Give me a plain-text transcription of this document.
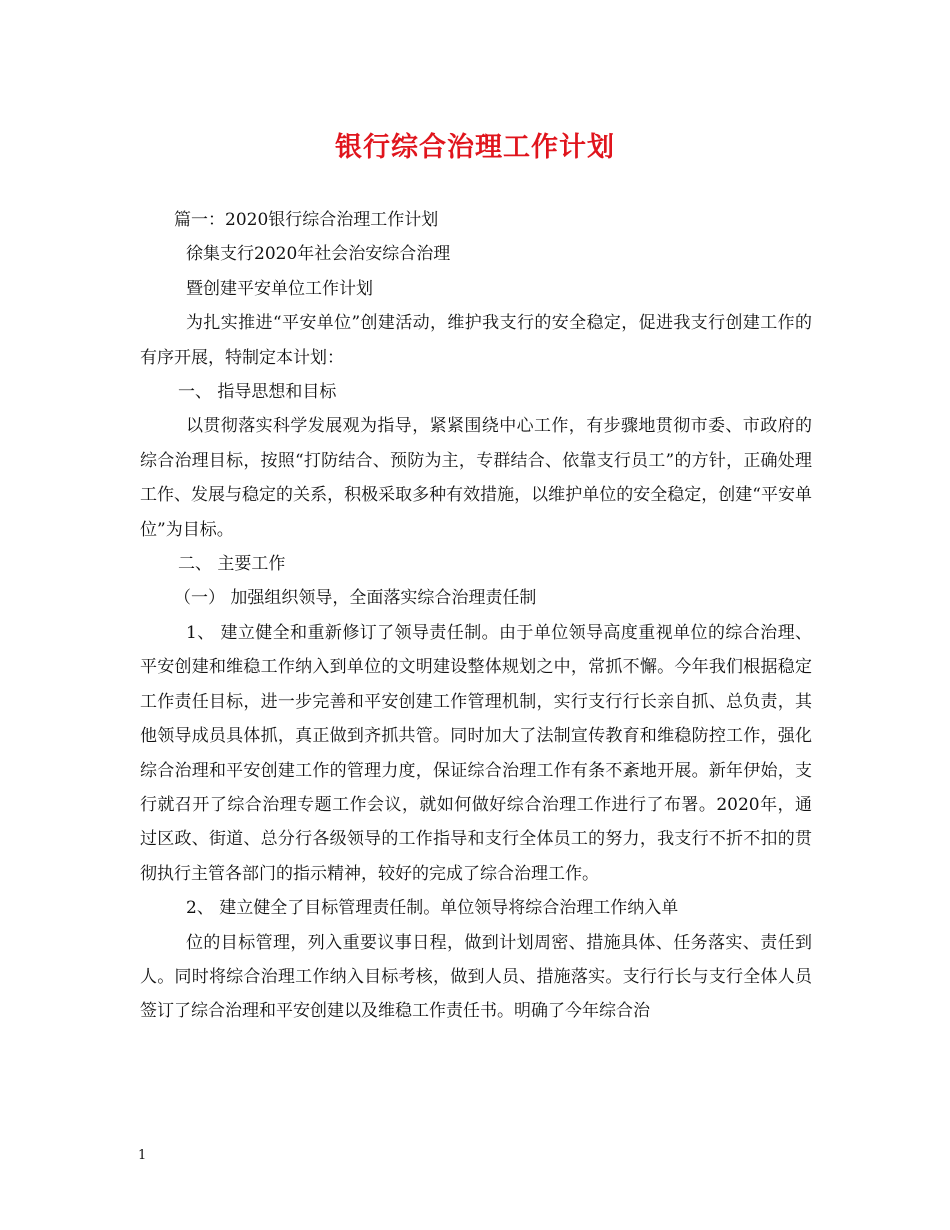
银行综合治理工作计划

篇一：2020银行综合治理工作计划

徐集支行2020年社会治安综合治理

暨创建平安单位工作计划

为扎实推进“平安单位”创建活动，维护我支行的安全稳定，促进我支行创建工作的有序开展，特制定本计划：

一、 指导思想和目标

以贯彻落实科学发展观为指导，紧紧围绕中心工作，有步骤地贯彻市委、市政府的综合治理目标，按照“打防结合、预防为主，专群结合、依靠支行员工”的方针，正确处理工作、发展与稳定的关系，积极采取多种有效措施，以维护单位的安全稳定，创建“平安单位”为目标。

二、 主要工作

（一） 加强组织领导，全面落实综合治理责任制

1、 建立健全和重新修订了领导责任制。由于单位领导高度重视单位的综合治理、平安创建和维稳工作纳入到单位的文明建设整体规划之中，常抓不懈。今年我们根据稳定工作责任目标，进一步完善和平安创建工作管理机制，实行支行行长亲自抓、总负责，其他领导成员具体抓，真正做到齐抓共管。同时加大了法制宣传教育和维稳防控工作，强化综合治理和平安创建工作的管理力度，保证综合治理工作有条不紊地开展。新年伊始，支行就召开了综合治理专题工作会议，就如何做好综合治理工作进行了布署。2020年，通过区政、街道、总分行各级领导的工作指导和支行全体员工的努力，我支行不折不扣的贯彻执行主管各部门的指示精神，较好的完成了综合治理工作。

2、 建立健全了目标管理责任制。单位领导将综合治理工作纳入单

位的目标管理，列入重要议事日程，做到计划周密、措施具体、任务落实、责任到人。同时将综合治理工作纳入目标考核，做到人员、措施落实。支行行长与支行全体人员签订了综合治理和平安创建以及维稳工作责任书。明确了今年综合治

1
